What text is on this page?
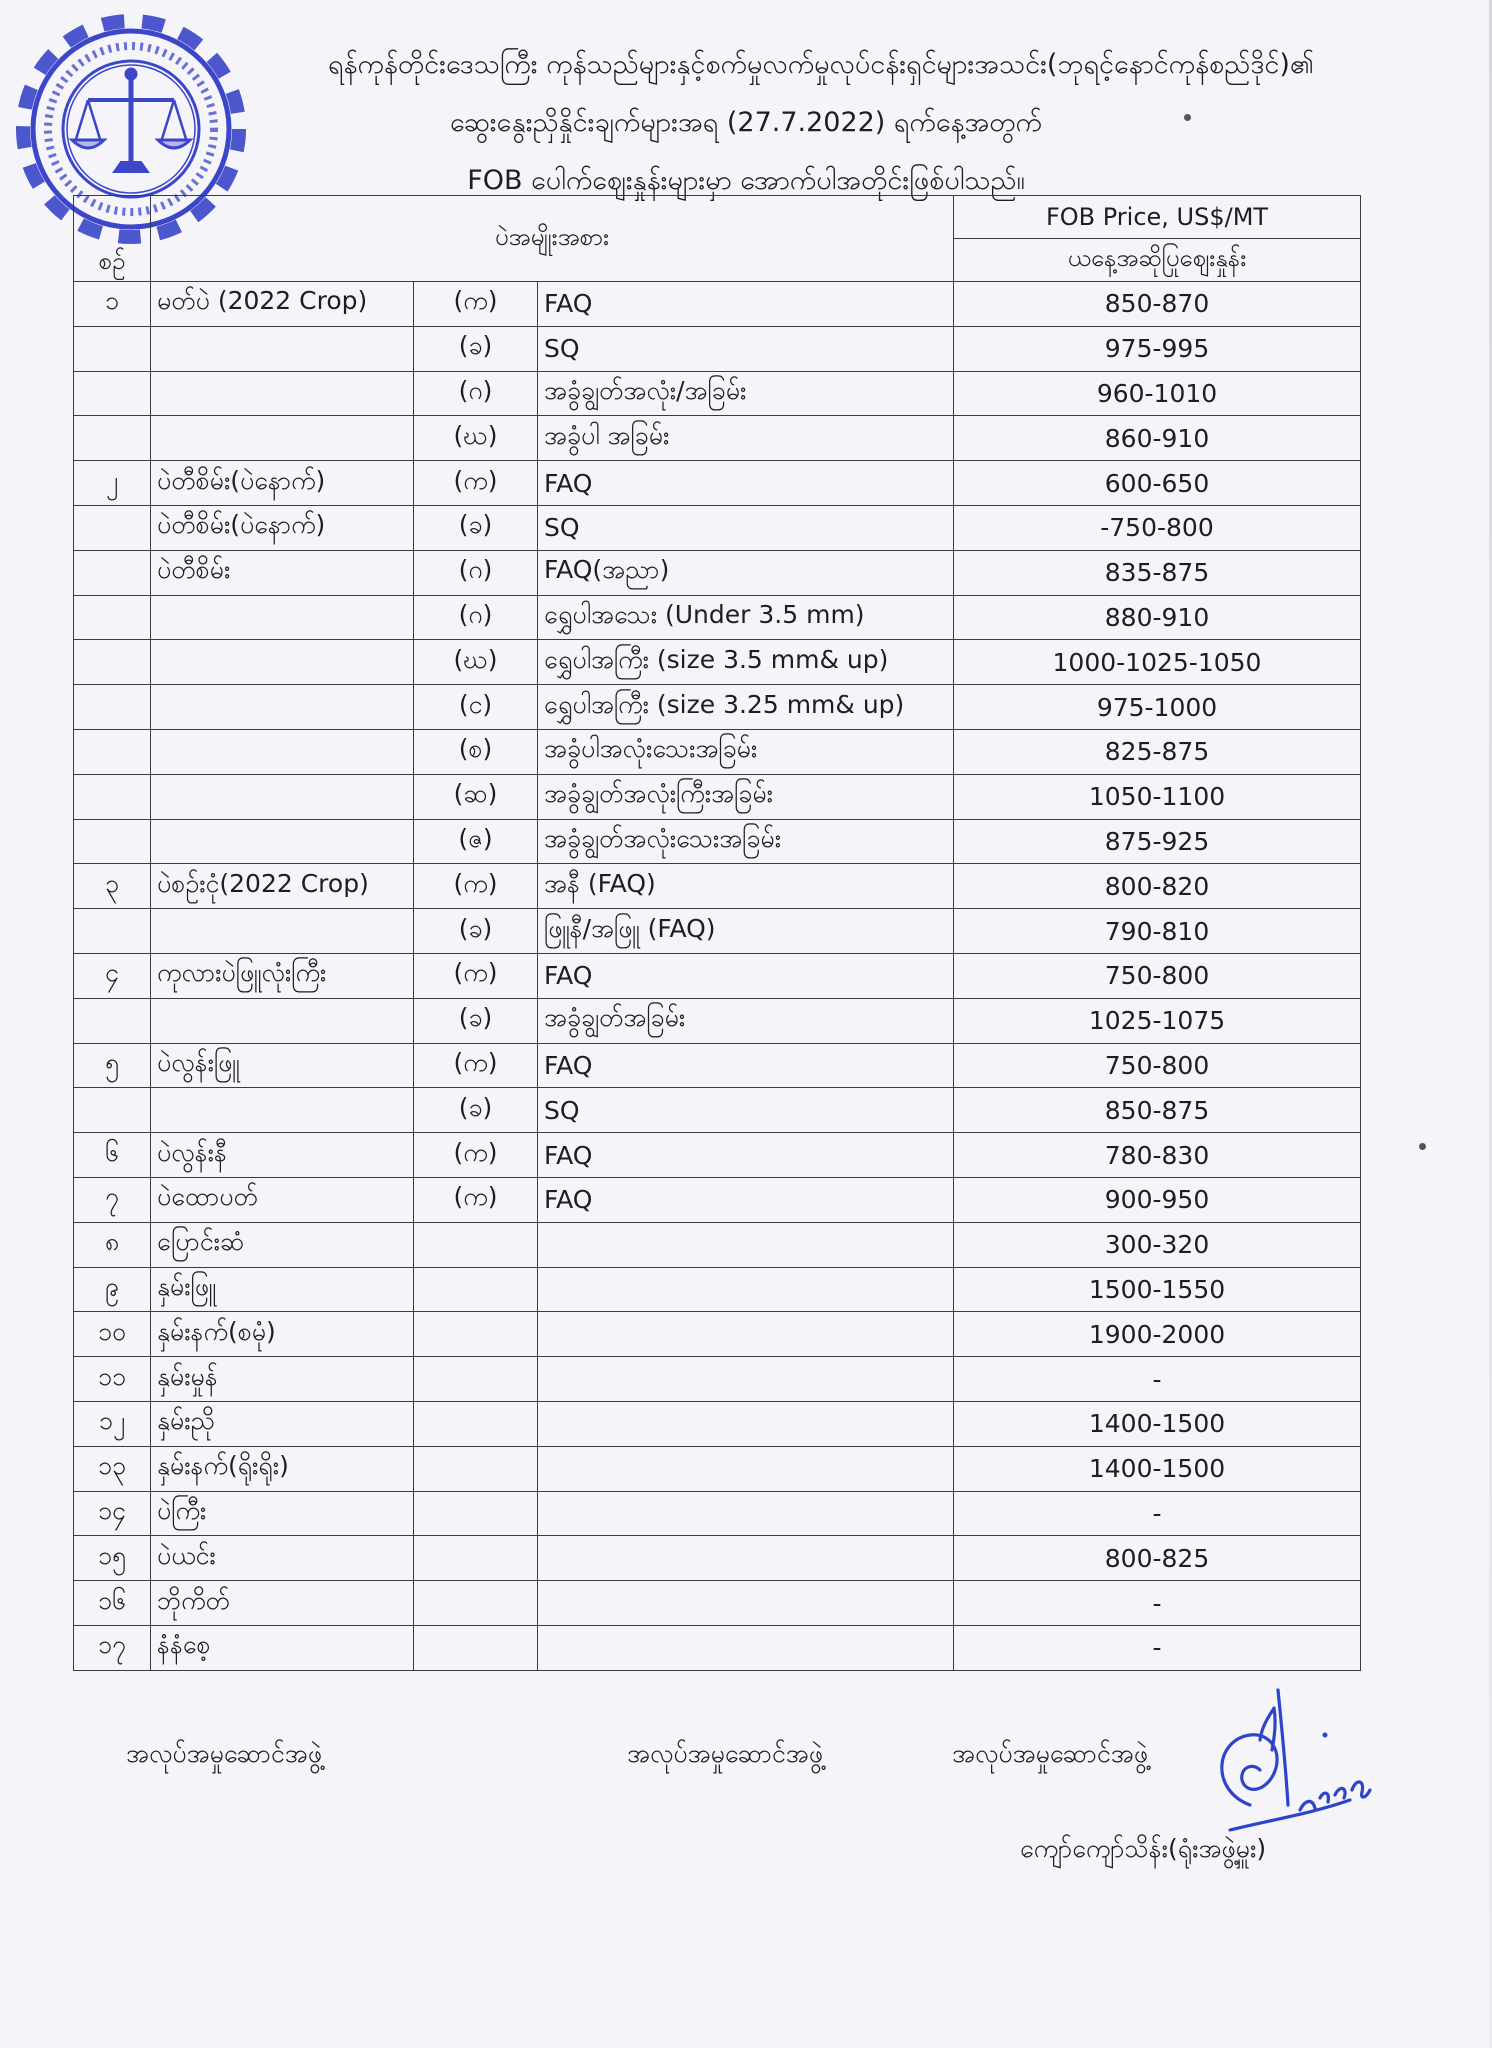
ရန်ကုန်တိုင်းဒေသကြီး ကုန်သည်များနှင့်စက်မှုလက်မှုလုပ်ငန်းရှင်များအသင်း(ဘုရင့်နောင်ကုန်စည်ဒိုင်)၏
ဆွေးနွေးညှိနှိုင်းချက်များအရ (27.7.2022) ရက်နေ့အတွက်
FOB ပေါက်ဈေးနှုန်းများမှာ အောက်ပါအတိုင်းဖြစ်ပါသည်။
စဉ်	ပဲအမျိုးအစား			FOB Price, US$/MT
				ယနေ့အဆိုပြုဈေးနှုန်း
၁	မတ်ပဲ (2022 Crop)	(က)	FAQ	850-870
		(ခ)	SQ	975-995
		(ဂ)	အခွံချွတ်အလုံး/အခြမ်း	960-1010
		(ဃ)	အခွံပါ အခြမ်း	860-910
၂	ပဲတီစိမ်း(ပဲနောက်)	(က)	FAQ	600-650
	ပဲတီစိမ်း(ပဲနောက်)	(ခ)	SQ	-750-800
	ပဲတီစိမ်း	(ဂ)	FAQ(အညာ)	835-875
		(ဂ)	ရွှေပါအသေး (Under 3.5 mm)	880-910
		(ဃ)	ရွှေပါအကြီး (size 3.5 mm& up)	1000-1025-1050
		(င)	ရွှေပါအကြီး (size 3.25 mm& up)	975-1000
		(စ)	အခွံပါအလုံးသေးအခြမ်း	825-875
		(ဆ)	အခွံချွတ်အလုံးကြီးအခြမ်း	1050-1100
		(ဇ)	အခွံချွတ်အလုံးသေးအခြမ်း	875-925
၃	ပဲစဉ်းငုံ(2022 Crop)	(က)	အနီ (FAQ)	800-820
		(ခ)	ဖြူနီ/အဖြူ (FAQ)	790-810
၄	ကုလားပဲဖြူလုံးကြီး	(က)	FAQ	750-800
		(ခ)	အခွံချွတ်အခြမ်း	1025-1075
၅	ပဲလွန်းဖြူ	(က)	FAQ	750-800
		(ခ)	SQ	850-875
၆	ပဲလွန်းနီ	(က)	FAQ	780-830
၇	ပဲထောပတ်	(က)	FAQ	900-950
၈	ပြောင်းဆံ			300-320
၉	နှမ်းဖြူ			1500-1550
၁၀	နှမ်းနက်(စမုံ)			1900-2000
၁၁	နှမ်းမှုန်			-
၁၂	နှမ်းညို			1400-1500
၁၃	နှမ်းနက်(ရိုးရိုး)			1400-1500
၁၄	ပဲကြီး			-
၁၅	ပဲယင်း			800-825
၁၆	ဘိုကိတ်			-
၁၇	နံနံစေ့			-
အလုပ်အမှုဆောင်အဖွဲ့	အလုပ်အမှုဆောင်အဖွဲ့	အလုပ်အမှုဆောင်အဖွဲ့
ကျော်ကျော်သိန်း(ရုံးအဖွဲ့မှူး)
